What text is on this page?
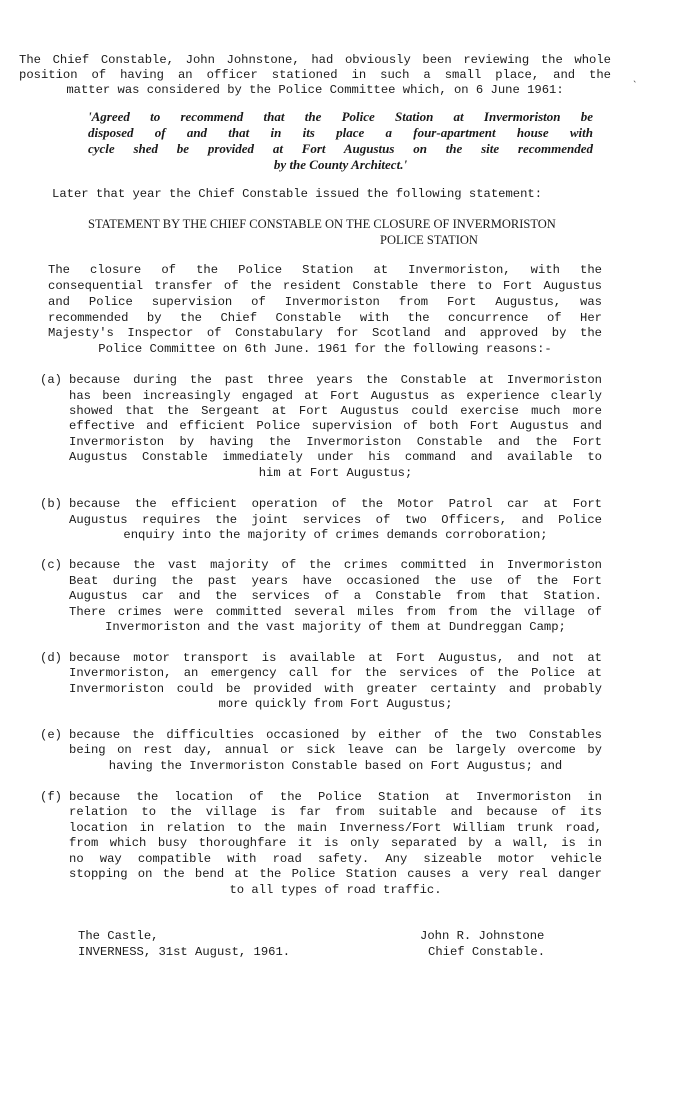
The Chief Constable, John Johnstone, had obviously been reviewing the whole
position of having an officer stationed in such a small place, and the
matter was considered by the Police Committee which, on 6 June 1961:
ˎ
'Agreed to recommend that the Police Station at Invermoriston be
disposed of and that in its place a four-apartment house with
cycle shed be provided at Fort Augustus on the site recommended
by the County Architect.'
Later that year the Chief Constable issued the following statement:
STATEMENT BY THE CHIEF CONSTABLE ON THE CLOSURE OF INVERMORISTON
POLICE STATION
The closure of the Police Station at Invermoriston, with the
consequential transfer of the resident Constable there to Fort Augustus
and Police supervision of Invermoriston from Fort Augustus, was
recommended by the Chief Constable with the concurrence of Her
Majesty's Inspector of Constabulary for Scotland and approved by the
Police Committee on 6th June. 1961 for the following reasons:-
(a) because during the past three years the Constable at Invermoriston
has been increasingly engaged at Fort Augustus as experience clearly
showed that the Sergeant at Fort Augustus could exercise much more
effective and efficient Police supervision of both Fort Augustus and
Invermoriston by having the Invermoriston Constable and the Fort
Augustus Constable immediately under his command and available to
him at Fort Augustus;
(b) because the efficient operation of the Motor Patrol car at Fort
Augustus requires the joint services of two Officers, and Police
enquiry into the majority of crimes demands corroboration;
(c) because the vast majority of the crimes committed in Invermoriston
Beat during the past years have occasioned the use of the Fort
Augustus car and the services of a Constable from that Station.
There crimes were committed several miles from from the village of
Invermoriston and the vast majority of them at Dundreggan Camp;
(d) because motor transport is available at Fort Augustus, and not at
Invermoriston, an emergency call for the services of the Police at
Invermoriston could be provided with greater certainty and probably
more quickly from Fort Augustus;
(e) because the difficulties occasioned by either of the two Constables
being on rest day, annual or sick leave can be largely overcome by
having the Invermoriston Constable based on Fort Augustus; and
(f) because the location of the Police Station at Invermoriston in
relation to the village is far from suitable and because of its
location in relation to the main Inverness/Fort William trunk road,
from which busy thoroughfare it is only separated by a wall, is in
no way compatible with road safety. Any sizeable motor vehicle
stopping on the bend at the Police Station causes a very real danger
to all types of road traffic.
The Castle,
INVERNESS, 31st August, 1961.
John R. Johnstone
Chief Constable.
